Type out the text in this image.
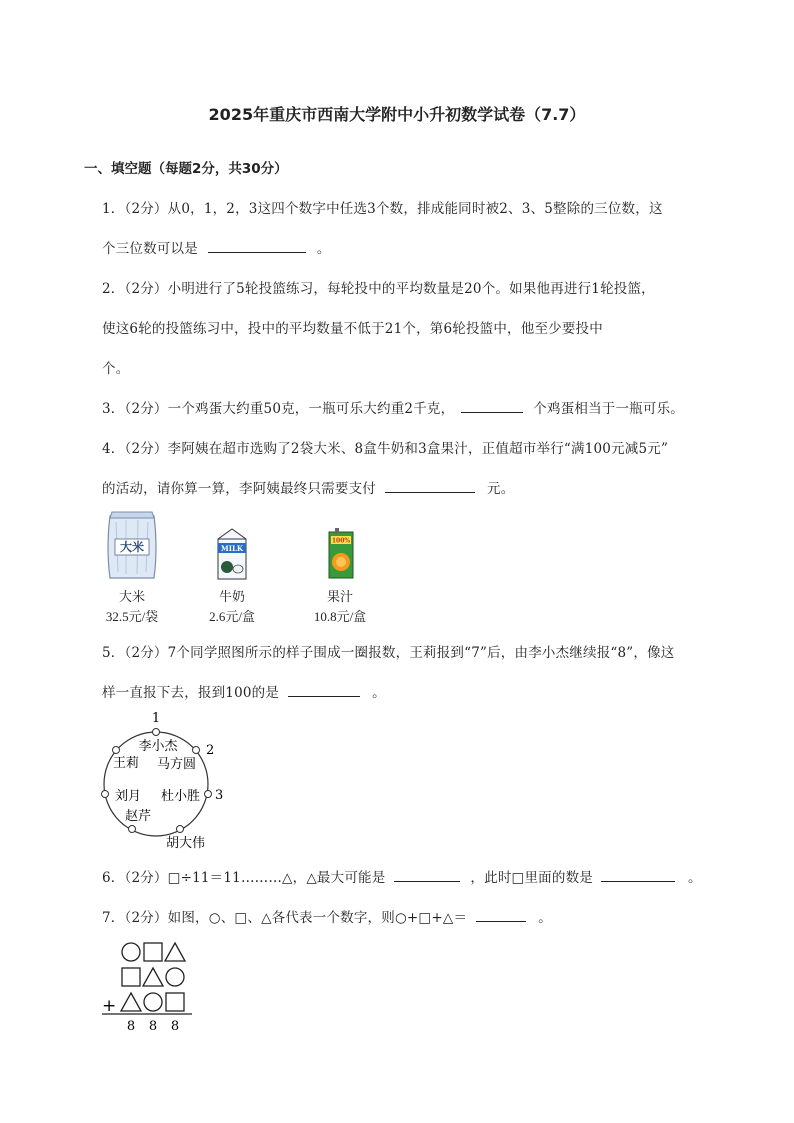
2025年重庆市西南大学附中小升初数学试卷（7.7）
一、填空题（每题2分，共30分）
1．（2分）从0，1，2，3这四个数字中任选3个数，排成能同时被2、3、5整除的三位数，这
个三位数可以是	。
2．（2分）小明进行了5轮投篮练习，每轮投中的平均数量是20个。如果他再进行1轮投篮，
使这6轮的投篮练习中，投中的平均数量不低于21个，第6轮投篮中，他至少要投中
个。
3．（2分）一个鸡蛋大约重50克，一瓶可乐大约重2千克，	个鸡蛋相当于一瓶可乐。
4．（2分）李阿姨在超市选购了2袋大米、8盒牛奶和3盒果汁，正值超市举行“满100元减5元”
的活动，请你算一算，李阿姨最终只需要支付	元。
大米	MILK
100%
大米
32.5元/袋
牛奶
2.6元/盒
果汁
10.8元/盒
5．（2分）7个同学照图所示的样子围成一圈报数，王莉报到“7”后，由李小杰继续报“8”，像这
样一直报下去，报到100的是	。
1
2
3
李小杰
王莉 马方圆
刘月 杜小胜
赵芹
胡大伟
6．（2分）□÷11＝11………△，△最大可能是	，此时□里面的数是	。
7．（2分）如图，○、□、△各代表一个数字，则○+□+△＝	。
+
8 8 8
